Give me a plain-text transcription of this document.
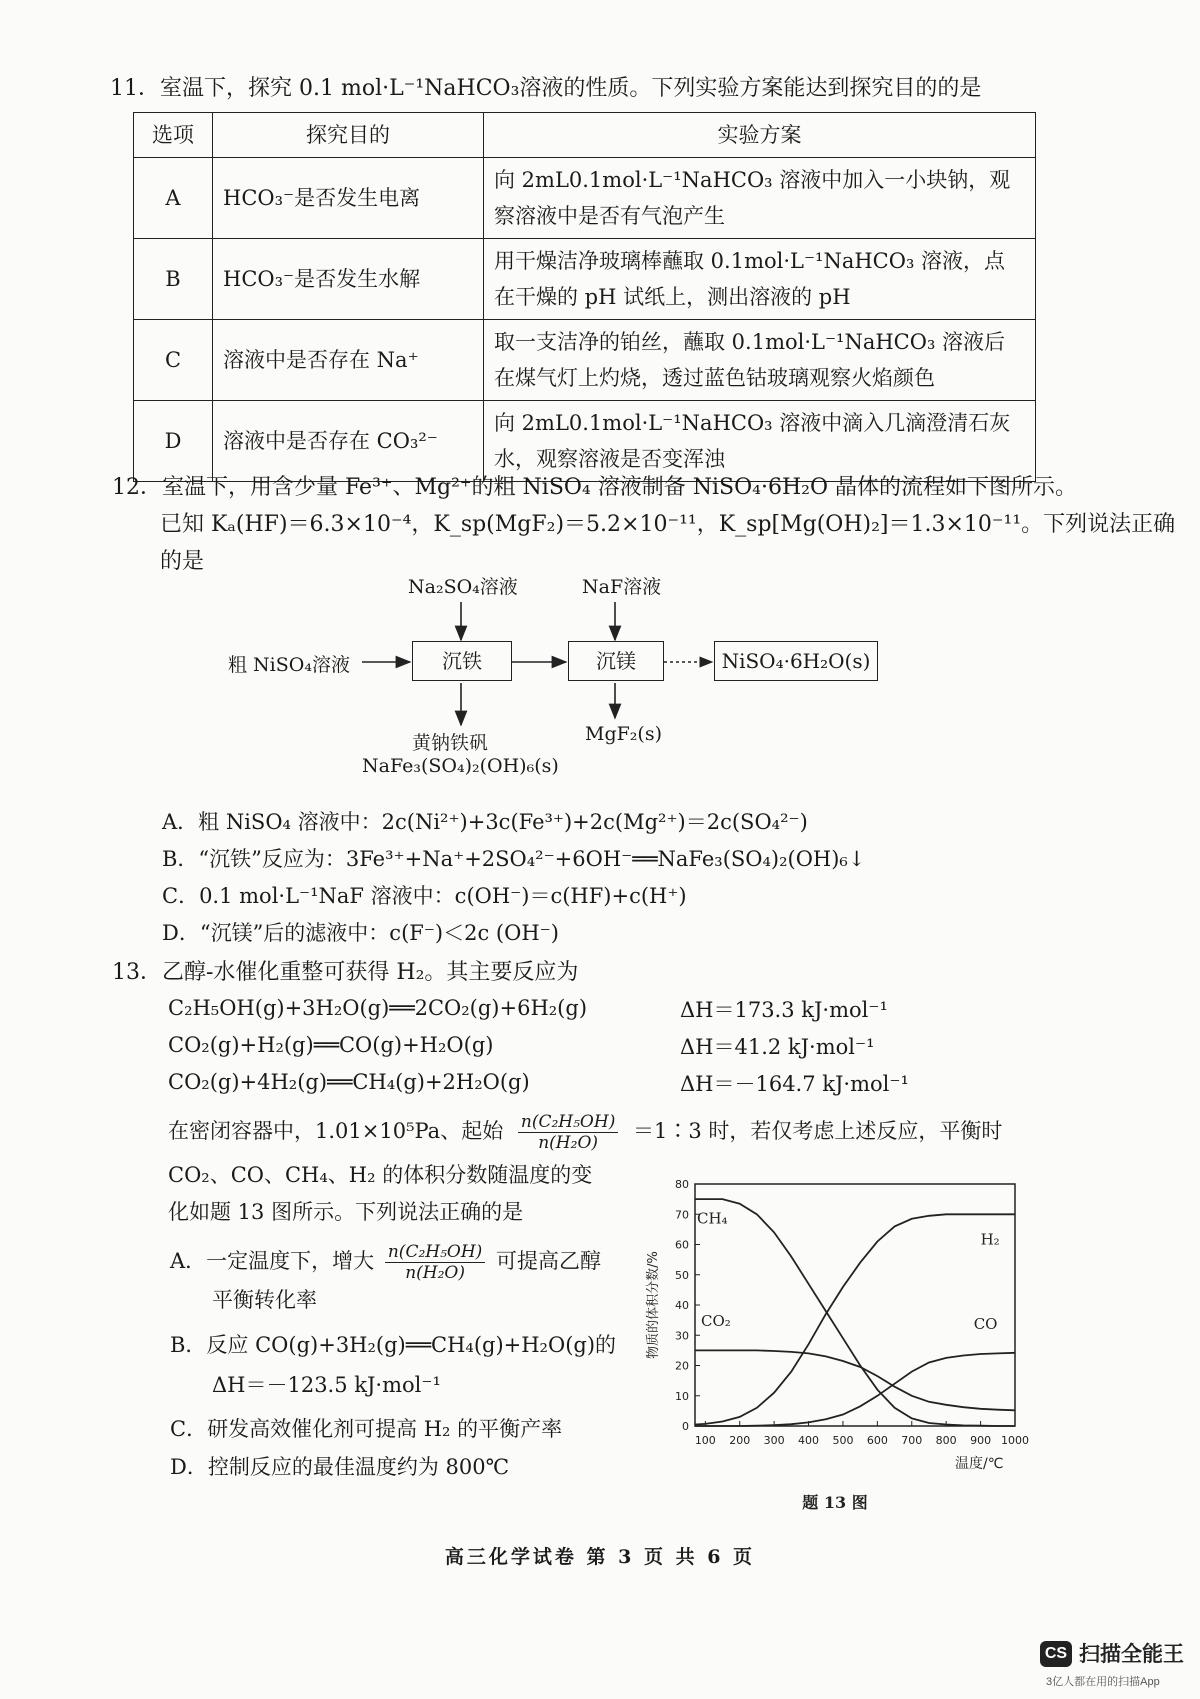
11．室温下，探究 0.1 mol·L⁻¹NaHCO₃溶液的性质。下列实验方案能达到探究目的的是
选项	探究目的	实验方案
A	HCO₃⁻是否发生电离	向 2mL0.1mol·L⁻¹NaHCO₃ 溶液中加入一小块钠，观察溶液中是否有气泡产生
B	HCO₃⁻是否发生水解	用干燥洁净玻璃棒蘸取 0.1mol·L⁻¹NaHCO₃ 溶液，点在干燥的 pH 试纸上，测出溶液的 pH
C	溶液中是否存在 Na⁺	取一支洁净的铂丝，蘸取 0.1mol·L⁻¹NaHCO₃ 溶液后在煤气灯上灼烧，透过蓝色钴玻璃观察火焰颜色
D	溶液中是否存在 CO₃²⁻	向 2mL0.1mol·L⁻¹NaHCO₃ 溶液中滴入几滴澄清石灰水，观察溶液是否变浑浊
12．室温下，用含少量 Fe³⁺、Mg²⁺的粗 NiSO₄ 溶液制备 NiSO₄·6H₂O 晶体的流程如下图所示。
已知 Kₐ(HF)＝6.3×10⁻⁴，K_sp(MgF₂)＝5.2×10⁻¹¹，K_sp[Mg(OH)₂]＝1.3×10⁻¹¹。下列说法正确
的是
Na₂SO₄溶液	NaF溶液
粗 NiSO₄溶液	沉铁	沉镁	NiSO₄·6H₂O(s)
黄钠铁矾
NaFe₃(SO₄)₂(OH)₆(s)
MgF₂(s)
A．粗 NiSO₄ 溶液中：2c(Ni²⁺)+3c(Fe³⁺)+2c(Mg²⁺)＝2c(SO₄²⁻)
B．“沉铁”反应为：3Fe³⁺+Na⁺+2SO₄²⁻+6OH⁻══NaFe₃(SO₄)₂(OH)₆↓
C．0.1 mol·L⁻¹NaF 溶液中：c(OH⁻)＝c(HF)+c(H⁺)
D．“沉镁”后的滤液中：c(F⁻)＜2c (OH⁻)
13．乙醇-水催化重整可获得 H₂。其主要反应为
C₂H₅OH(g)+3H₂O(g)══2CO₂(g)+6H₂(g)	ΔH＝173.3 kJ·mol⁻¹
CO₂(g)+H₂(g)══CO(g)+H₂O(g)	ΔH＝41.2 kJ·mol⁻¹
CO₂(g)+4H₂(g)══CH₄(g)+2H₂O(g)	ΔH＝－164.7 kJ·mol⁻¹
在密闭容器中，1.01×10⁵Pa、起始 $\frac{\text{n(C₂H₅OH)}}{\text{n(H₂O)}}$ ＝1∶3 时，若仅考虑上述反应，平衡时
CO₂、CO、CH₄、H₂ 的体积分数随温度的变
化如题 13 图所示。下列说法正确的是
A．一定温度下，增大 $\frac{\text{n(C₂H₅OH)}}{\text{n(H₂O)}}$ 可提高乙醇
平衡转化率
B．反应 CO(g)+3H₂(g)══CH₄(g)+H₂O(g)的
ΔH＝－123.5 kJ·mol⁻¹
C．研发高效催化剂可提高 H₂ 的平衡产率
D．控制反应的最佳温度约为 800℃
0
10
20
30
40
50
60
70
80
100 200 300 400 500 600 700 800 900 1000
CH₄
H₂
CO₂	CO
物质的体积分数/%
温度/℃
题 13 图
高三化学试卷 第 3 页 共 6 页
CS 扫描全能王
3亿人都在用的扫描App
